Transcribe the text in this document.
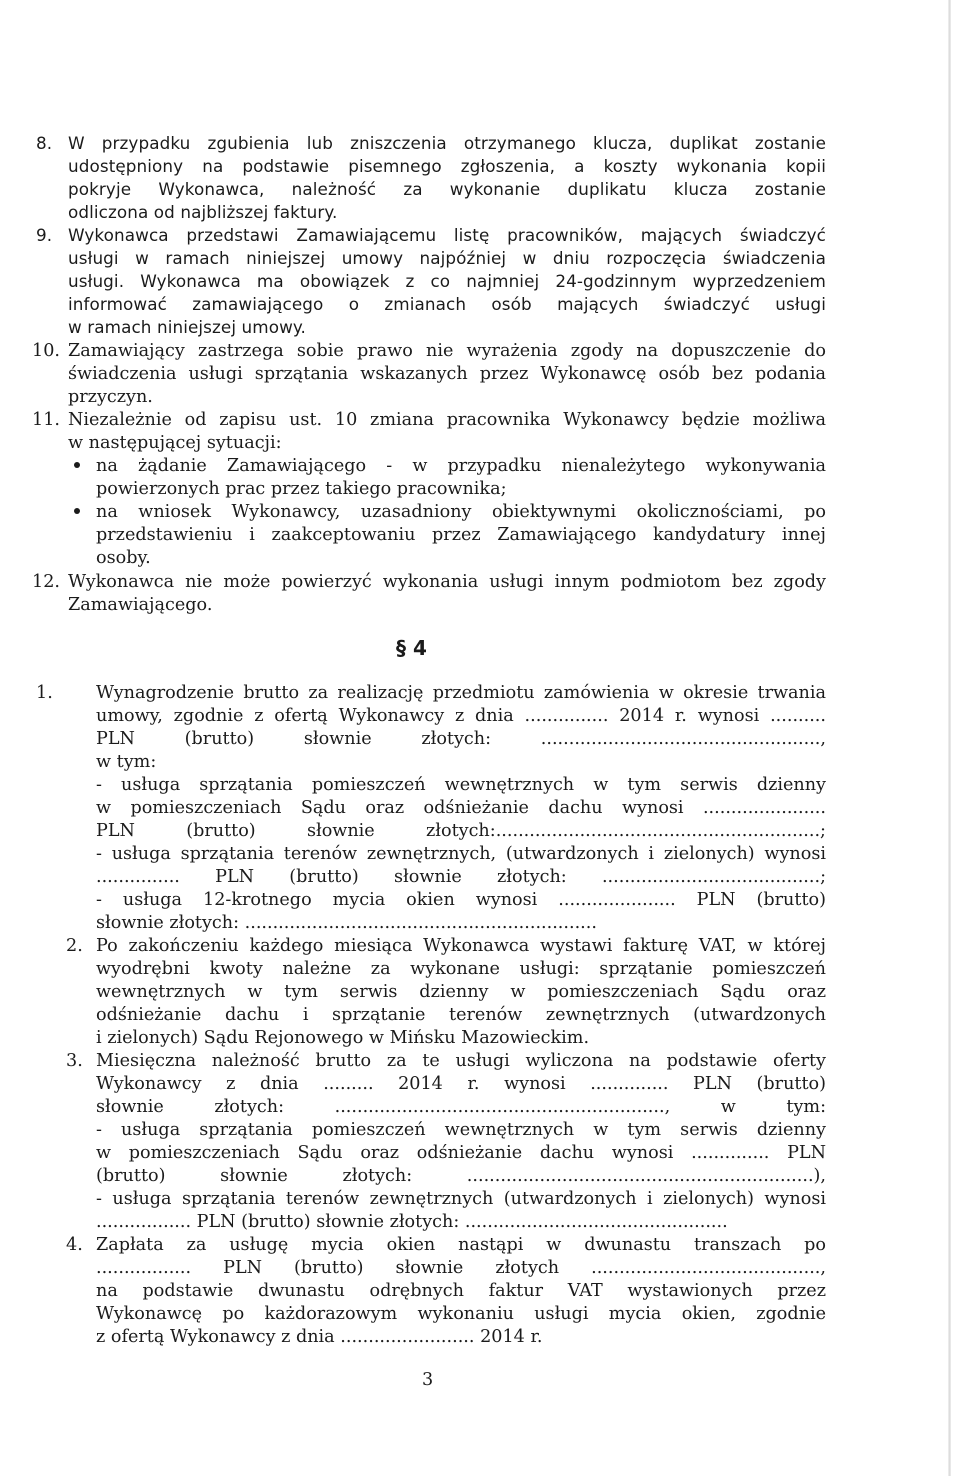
8. W przypadku zgubienia lub zniszczenia otrzymanego klucza, duplikat zostanie
udostępniony na podstawie pisemnego zgłoszenia, a koszty wykonania kopii
pokryje Wykonawca, należność za wykonanie duplikatu klucza zostanie
odliczona od najbliższej faktury.
9. Wykonawca przedstawi Zamawiającemu listę pracowników, mających świadczyć
usługi w ramach niniejszej umowy najpóźniej w dniu rozpoczęcia świadczenia
usługi. Wykonawca ma obowiązek z co najmniej 24-godzinnym wyprzedzeniem
informować zamawiającego o zmianach osób mających świadczyć usługi
w ramach niniejszej umowy.
10. Zamawiający zastrzega sobie prawo nie wyrażenia zgody na dopuszczenie do
świadczenia usługi sprzątania wskazanych przez Wykonawcę osób bez podania
przyczyn.
11. Niezależnie od zapisu ust. 10 zmiana pracownika Wykonawcy będzie możliwa
w następującej sytuacji:
na żądanie Zamawiającego - w przypadku nienależytego wykonywania
powierzonych prac przez takiego pracownika;
na wniosek Wykonawcy, uzasadniony obiektywnymi okolicznościami, po
przedstawieniu i zaakceptowaniu przez Zamawiającego kandydatury innej
osoby.
12. Wykonawca nie może powierzyć wykonania usługi innym podmiotom bez zgody
Zamawiającego.
§ 4
1. Wynagrodzenie brutto za realizację przedmiotu zamówienia w okresie trwania
umowy, zgodnie z ofertą Wykonawcy z dnia ............... 2014 r. wynosi ..........
PLN (brutto) słownie złotych: ..................................................,
w tym:
- usługa sprzątania pomieszczeń wewnętrznych w tym serwis dzienny
w pomieszczeniach Sądu oraz odśnieżanie dachu wynosi ......................
PLN (brutto) słownie złotych:..........................................................;
- usługa sprzątania terenów zewnętrznych, (utwardzonych i zielonych) wynosi
............... PLN (brutto) słownie złotych: .......................................;
- usługa 12-krotnego mycia okien wynosi ..................... PLN (brutto)
słownie złotych: ...............................................................
2. Po zakończeniu każdego miesiąca Wykonawca wystawi fakturę VAT, w której
wyodrębni kwoty należne za wykonane usługi: sprzątanie pomieszczeń
wewnętrznych w tym serwis dzienny w pomieszczeniach Sądu oraz
odśnieżanie dachu i sprzątanie terenów zewnętrznych (utwardzonych
i zielonych) Sądu Rejonowego w Mińsku Mazowieckim.
3. Miesięczna należność brutto za te usługi wyliczona na podstawie oferty
Wykonawcy z dnia ......... 2014 r. wynosi .............. PLN (brutto)
słownie złotych: ..........................................................., w tym:
- usługa sprzątania pomieszczeń wewnętrznych w tym serwis dzienny
w pomieszczeniach Sądu oraz odśnieżanie dachu wynosi .............. PLN
(brutto) słownie złotych: ..............................................................),
- usługa sprzątania terenów zewnętrznych (utwardzonych i zielonych) wynosi
................. PLN (brutto) słownie złotych: ...............................................
4. Zapłata za usługę mycia okien nastąpi w dwunastu transzach po
................. PLN (brutto) słownie złotych .........................................,
na podstawie dwunastu odrębnych faktur VAT wystawionych przez
Wykonawcę po każdorazowym wykonaniu usługi mycia okien, zgodnie
z ofertą Wykonawcy z dnia ........................ 2014 r.
3
